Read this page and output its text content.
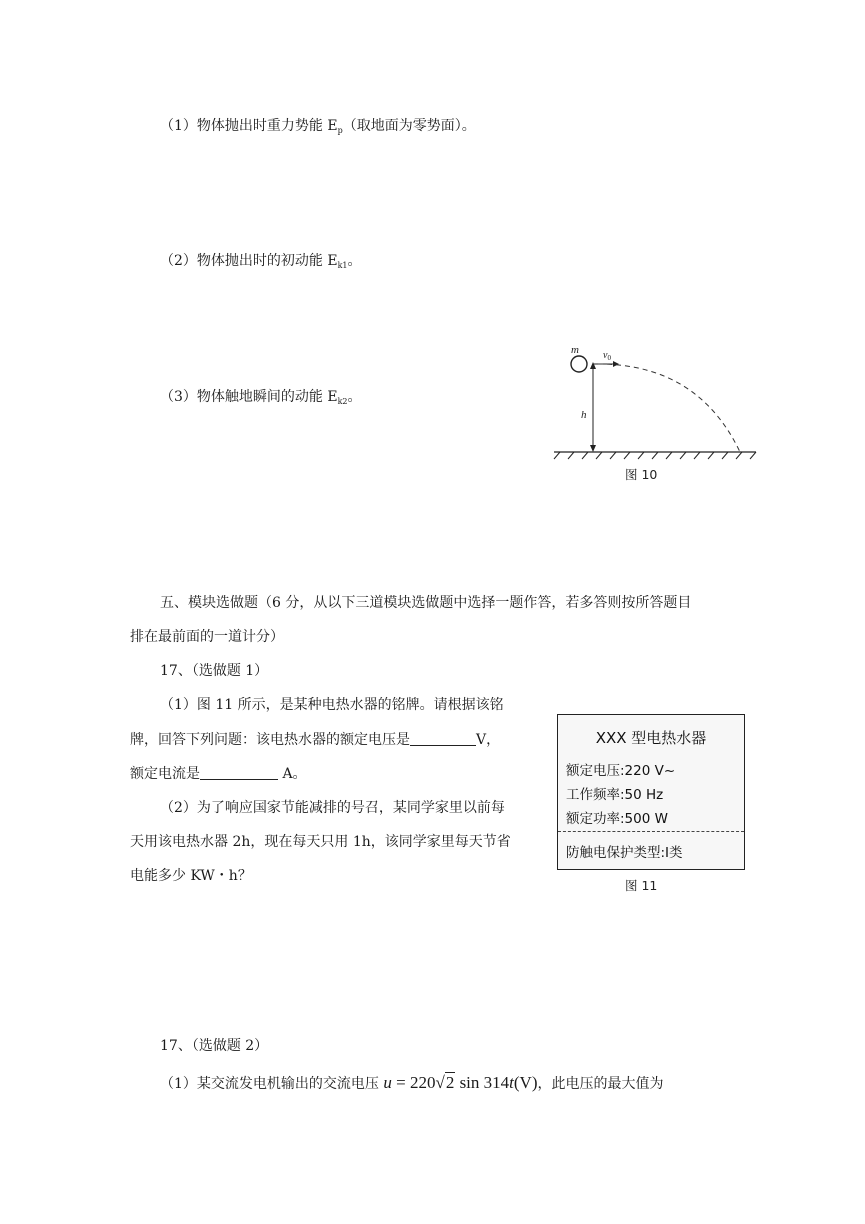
（1）物体抛出时重力势能 $E_p$（取地面为零势面）。
（2）物体抛出时的初动能 $E_{k1}$。
（3）物体触地瞬间的动能 $E_{k2}$。
m $v_0$
h
图 10
五、模块选做题（6 分，从以下三道模块选做题中选择一题作答，若多答则按所答题目
排在最前面的一道计分）
17、（选做题 1）
（1）图 11 所示，是某种电热水器的铭牌。请根据该铭
牌，回答下列问题：该电热水器的额定电压是	V，
额定电流是	A。
（2）为了响应国家节能减排的号召，某同学家里以前每
天用该电热水器 2h，现在每天只用 1h，该同学家里每天节省
电能多少 KW・h？
XXX 型电热水器
额定电压:220 V~
工作频率:50 Hz
额定功率:500 W
防触电保护类型:Ⅰ类
图 11
17、（选做题 2）
（1）某交流发电机输出的交流电压 u = 220√2 sin 314t(V)，此电压的最大值为
